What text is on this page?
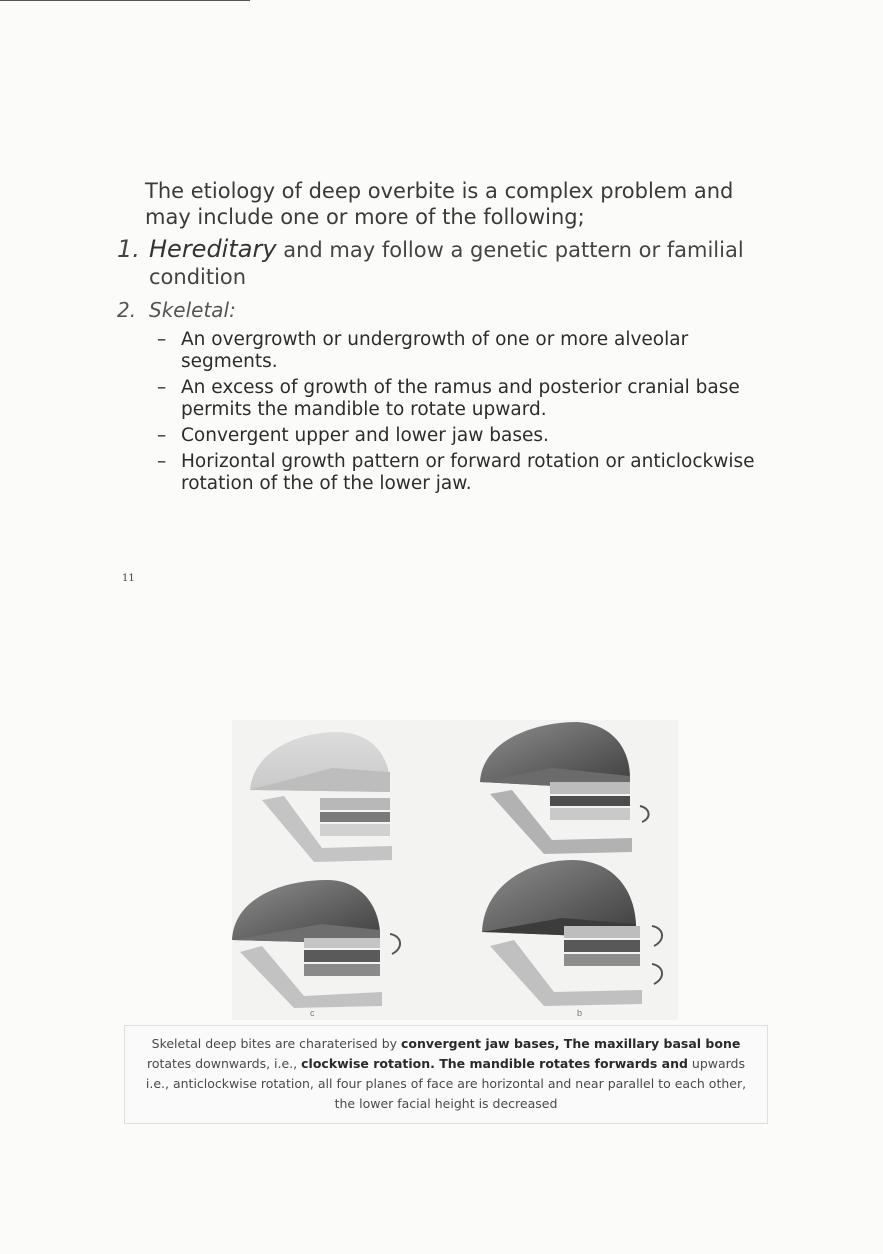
The etiology of deep overbite is a complex problem and may include one or more of the following;

1. Hereditary and may follow a genetic pattern or familial condition
2. Skeletal:
– An overgrowth or undergrowth of one or more alveolar segments.
– An excess of growth of the ramus and posterior cranial base permits the mandible to rotate upward.
– Convergent upper and lower jaw bases.
– Horizontal growth pattern or forward rotation or anticlockwise rotation of the of the lower jaw.
11
c	b

Skeletal deep bites are charaterised by convergent jaw bases, The maxillary basal bone rotates downwards, i.e., clockwise rotation. The mandible rotates forwards and upwards i.e., anticlockwise rotation, all four planes of face are horizontal and near parallel to each other, the lower facial height is decreased
